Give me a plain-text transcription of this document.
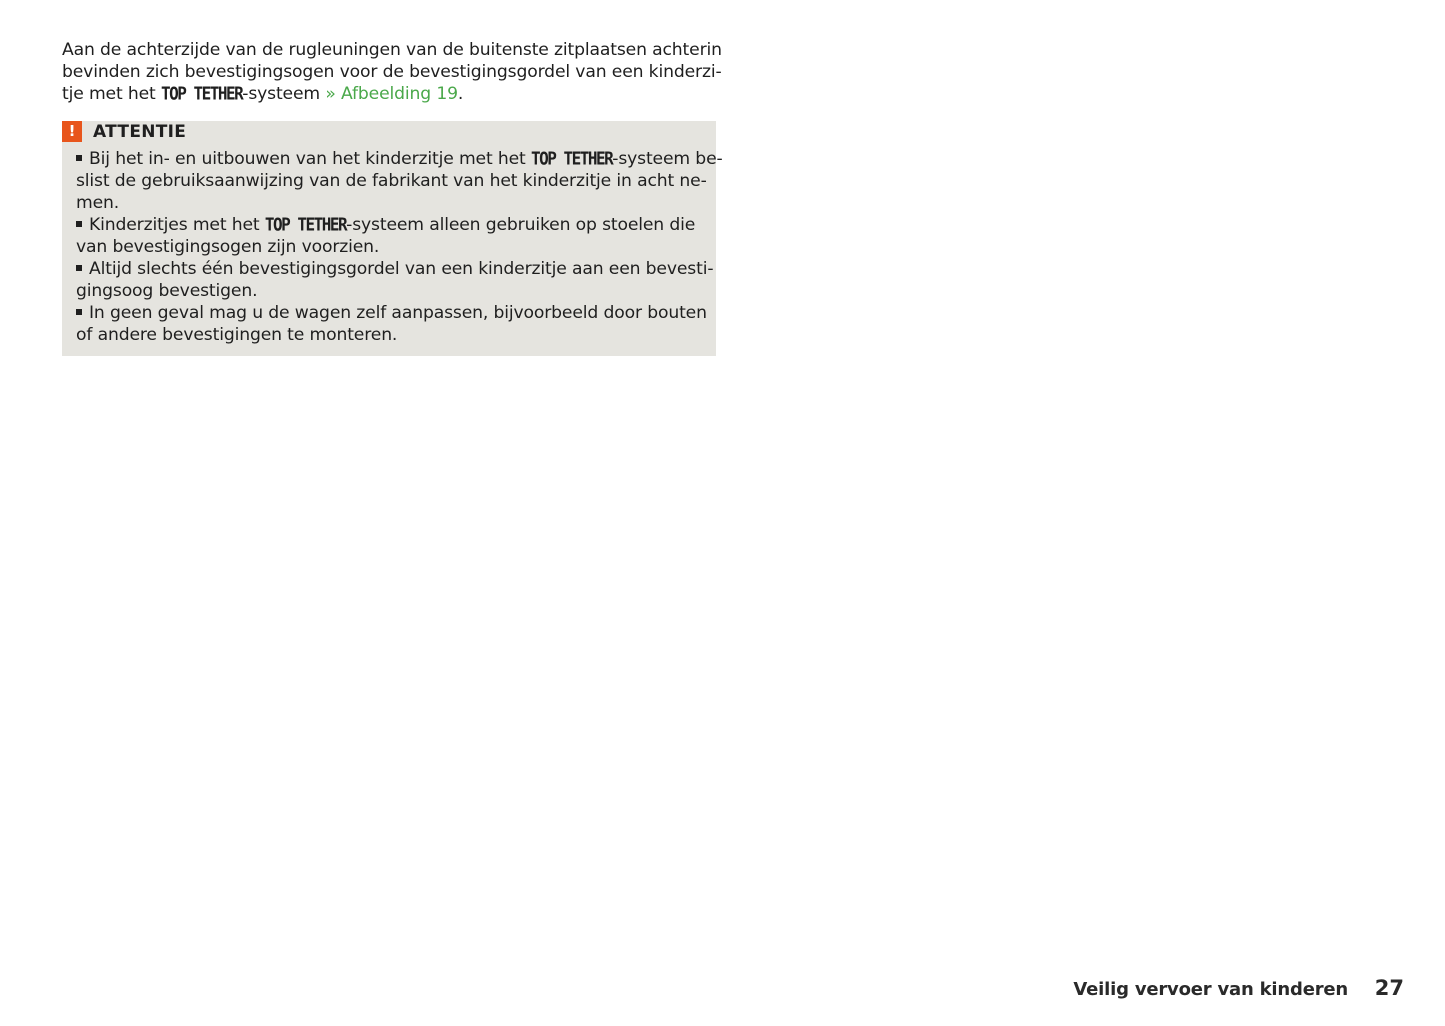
Aan de achterzijde van de rugleuningen van de buitenste zitplaatsen achterin
bevinden zich bevestigingsogen voor de bevestigingsgordel van een kinderzi-
tje met het TOP TETHER-systeem » Afbeelding 19.
!	ATTENTIE
Bij het in- en uitbouwen van het kinderzitje met het TOP TETHER-systeem be-
slist de gebruiksaanwijzing van de fabrikant van het kinderzitje in acht ne-
men.
Kinderzitjes met het TOP TETHER-systeem alleen gebruiken op stoelen die
van bevestigingsogen zijn voorzien.
Altijd slechts één bevestigingsgordel van een kinderzitje aan een bevesti-
gingsoog bevestigen.
In geen geval mag u de wagen zelf aanpassen, bijvoorbeeld door bouten
of andere bevestigingen te monteren.
Veilig vervoer van kinderen 27
